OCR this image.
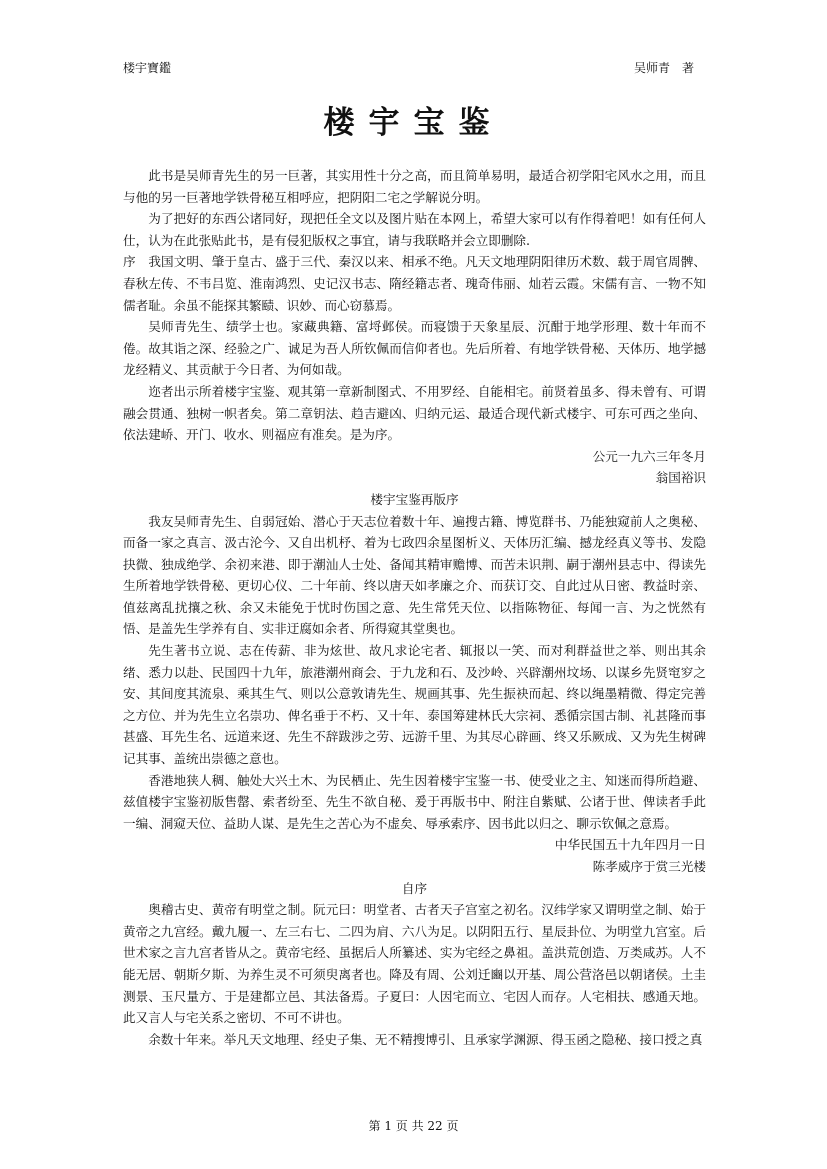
楼宇寶鑑	吴师青　著
楼宇宝鉴

此书是吴师青先生的另一巨著，其实用性十分之高，而且简单易明，最适合初学阳宅风水之用，而且与他的另一巨著地学铁骨秘互相呼应，把阴阳二宅之学解说分明。

为了把好的东西公诸同好，现把任全文以及图片贴在本网上，希望大家可以有作得着吧！如有任何人仕，认为在此张贴此书，是有侵犯版权之事宜，请与我联略并会立即删除.

序　我国文明、肇于皇古、盛于三代、秦汉以来、相承不绝。凡天文地理阴阳律历术数、载于周官周髀、春秋左传、不韦吕览、淮南鸿烈、史记汉书志、隋经籍志者、瑰奇伟丽、灿若云霞。宋儒有言、一物不知儒者耻。余虽不能探其繁赜、识妙、而心窃慕焉。

吴师青先生、绩学士也。家藏典籍、富埒邺侯。而寝馈于天象星辰、沉酣于地学形理、数十年而不倦。故其诣之深、经验之广、诚足为吾人所钦佩而信仰者也。先后所着、有地学铁骨秘、天体历、地学撼龙经精义、其贡献于今日者、为何如哉。

迩者出示所着楼宇宝鉴、观其第一章新制图式、不用罗经、自能相宅。前贤着虽多、得未曾有、可谓融会贯通、独树一帜者矣。第二章钥法、趋吉避凶、归纳元运、最适合现代新式楼宇、可东可西之坐向、依法建峤、开门、收水、则福应有准矣。是为序。

公元一九六三年冬月

翁国裕识

楼宇宝鉴再版序

我友吴师青先生、自弱冠始、潜心于天志位着数十年、遍搜古籍、博览群书、乃能独窥前人之奥秘、而备一家之真言、汲古沦今、又自出机杼、着为七政四余星图析义、天体历汇编、撼龙经真义等书、发隐抉微、独成绝学、余初来港、即于潮汕人士处、备闻其精审赡博、而苦未识荆、嗣于潮州县志中、得读先生所着地学铁骨秘、更切心仪、二十年前、终以唐天如孝廉之介、而获订交、自此过从日密、教益时亲、值兹离乱扰攘之秋、余又未能免于忧时伤国之意、先生常凭天位、以指陈物征、每闻一言、为之恍然有悟、是盖先生学养有自、实非迂腐如余者、所得窥其堂奥也。

先生著书立说、志在传薪、非为炫世、故凡求论宅者、辄报以一笑、而对利群益世之举、则出其余绪、悉力以赴、民国四十九年，旅港潮州商会、于九龙和石、及沙岭、兴辟潮州坟场、以谋乡先贤窀穸之安、其间度其流泉、乘其生气、则以公意敦请先生、规画其事、先生振袂而起、终以绳墨精微、得定完善之方位、并为先生立名崇功、俾名垂于不朽、又十年、泰国筹建林氏大宗祠、悉循宗国古制、礼甚隆而事甚盛、耳先生名、远道来迓、先生不辞跋涉之劳、远游千里、为其尽心辟画、终又乐厥成、又为先生树碑记其事、盖统出崇德之意也。

香港地狭人稠、触处大兴土木、为民栖止、先生因着楼宇宝鉴一书、使受业之主、知迷而得所趋避、兹值楼宇宝鉴初版售罄、索者纷至、先生不欲自秘、爰于再版书中、附注自紫赋、公诸于世、俾读者手此一编、洞窥天位、益助人谋、是先生之苦心为不虚矣、辱承索序、因书此以归之、聊示钦佩之意焉。

中华民国五十九年四月一日

陈孝威序于赏三光楼

自序

奥稽古史、黄帝有明堂之制。阮元曰：明堂者、古者天子宫室之初名。汉纬学家又谓明堂之制、始于黄帝之九宫经。戴九履一、左三右七、二四为肩、六八为足。以阴阳五行、星辰卦位、为明堂九宫室。后世术家之言九宫者皆从之。黄帝宅经、虽据后人所纂述、实为宅经之鼻祖。盖洪荒创造、万类咸苏。人不能无居、朝斯夕斯、为养生灵不可须臾离者也。降及有周、公刘迁豳以开基、周公营洛邑以朝诸侯。土圭测景、玉尺量方、于是建都立邑、其法备焉。子夏曰：人因宅而立、宅因人而存。人宅相扶、感通天地。此又言人与宅关系之密切、不可不讲也。

余数十年来。举凡天文地理、经史子集、无不精搜博引、且承家学渊源、得玉函之隐秘、接口授之真

第 1 页 共 22 页
